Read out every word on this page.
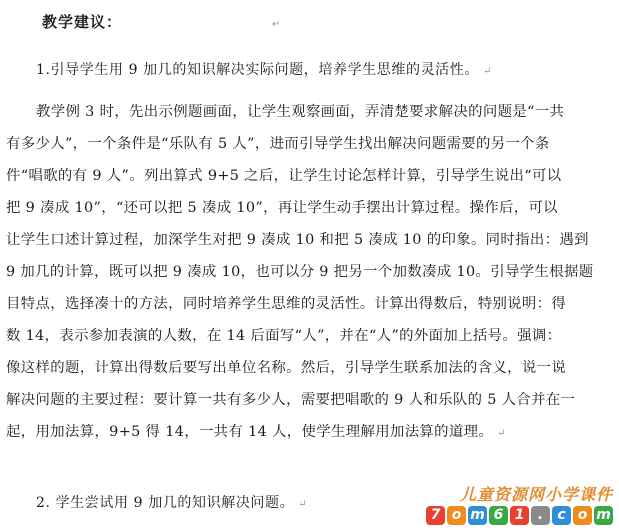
教学建议：	↵
1.引导学生用 9 加几的知识解决实际问题，培养学生思维的灵活性。 ↵
教学例 3 时，先出示例题画面，让学生观察画面，弄清楚要求解决的问题是“一共
有多少人”，一个条件是“乐队有 5 人”，进而引导学生找出解决问题需要的另一个条
件“唱歌的有 9 人”。列出算式 9+5 之后，让学生讨论怎样计算，引导学生说出“可以
把 9 凑成 10”，“还可以把 5 凑成 10”，再让学生动手摆出计算过程。操作后，可以
让学生口述计算过程，加深学生对把 9 凑成 10 和把 5 凑成 10 的印象。同时指出：遇到
9 加几的计算，既可以把 9 凑成 10，也可以分 9 把另一个加数凑成 10。引导学生根据题
目特点，选择凑十的方法，同时培养学生思维的灵活性。计算出得数后，特别说明：得
数 14，表示参加表演的人数，在 14 后面写“人”，并在“人”的外面加上括号。强调：
像这样的题，计算出得数后要写出单位名称。然后，引导学生联系加法的含义，说一说
解决问题的主要过程：要计算一共有多少人，需要把唱歌的 9 人和乐队的 5 人合并在一
起，用加法算，9+5 得 14，一共有 14 人，使学生理解用加法算的道理。 ↵
2. 学生尝试用 9 加几的知识解决问题。 ↵
儿童资源网小学课件
7 o m 6 1 .	c o m
